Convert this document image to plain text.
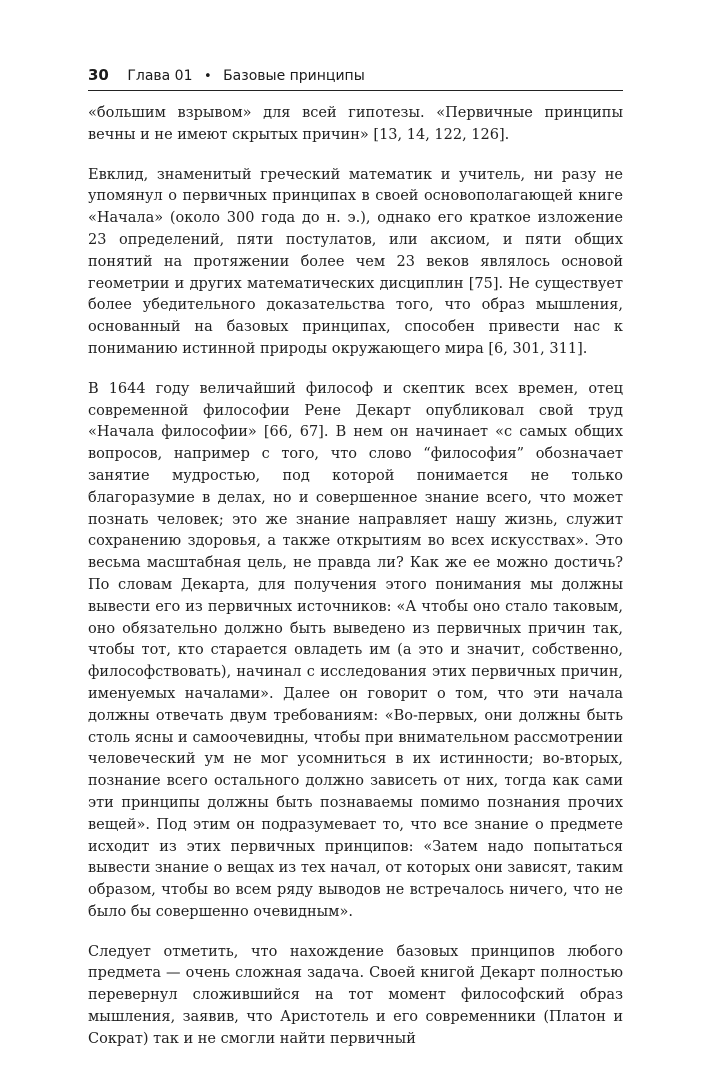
30 Глава 01 • Базовые принципы

«большим взрывом» для всей гипотезы. «Первичные принципы вечны и не имеют скрытых причин» [13, 14, 122, 126].

Евклид, знаменитый греческий математик и учитель, ни разу не упомянул о первичных принципах в своей основополагающей книге «Начала» (около 300 года до н. э.), однако его краткое изложение 23 определений, пяти постулатов, или аксиом, и пяти общих понятий на протяжении более чем 23 веков являлось основой геометрии и других математических дисциплин [75]. Не существует более убедительного доказательства того, что образ мышления, основанный на базовых принципах, способен привести нас к пониманию истинной природы окружающего мира [6, 301, 311].

В 1644 году величайший философ и скептик всех времен, отец современной философии Рене Декарт опубликовал свой труд «Начала философии» [66, 67]. В нем он начинает «с самых общих вопросов, например с того, что слово “философия” обозначает занятие мудростью, под которой понимается не только благоразумие в делах, но и совершенное знание всего, что может познать человек; это же знание направляет нашу жизнь, служит сохранению здоровья, а также открытиям во всех искусствах». Это весьма масштабная цель, не правда ли? Как же ее можно достичь? По словам Декарта, для получения этого понимания мы должны вывести его из первичных источников: «А чтобы оно стало таковым, оно обязательно должно быть выведено из первичных причин так, чтобы тот, кто старается овладеть им (а это и значит, собственно, философствовать), начинал с исследования этих первичных причин, именуемых началами». Далее он говорит о том, что эти начала должны отвечать двум требованиям: «Во-первых, они должны быть столь ясны и самоочевидны, чтобы при внимательном рассмотрении человеческий ум не мог усомниться в их истинности; во-вторых, познание всего остального должно зависеть от них, тогда как сами эти принципы должны быть познаваемы помимо познания прочих вещей». Под этим он подразумевает то, что все знание о предмете исходит из этих первичных принципов: «Затем надо попытаться вывести знание о вещах из тех начал, от которых они зависят, таким образом, чтобы во всем ряду выводов не встречалось ничего, что не было бы совершенно очевидным».

Следует отметить, что нахождение базовых принципов любого предмета — очень сложная задача. Своей книгой Декарт полностью перевернул сложившийся на тот момент философский образ мышления, заявив, что Аристотель и его современники (Платон и Сократ) так и не смогли найти первичный
